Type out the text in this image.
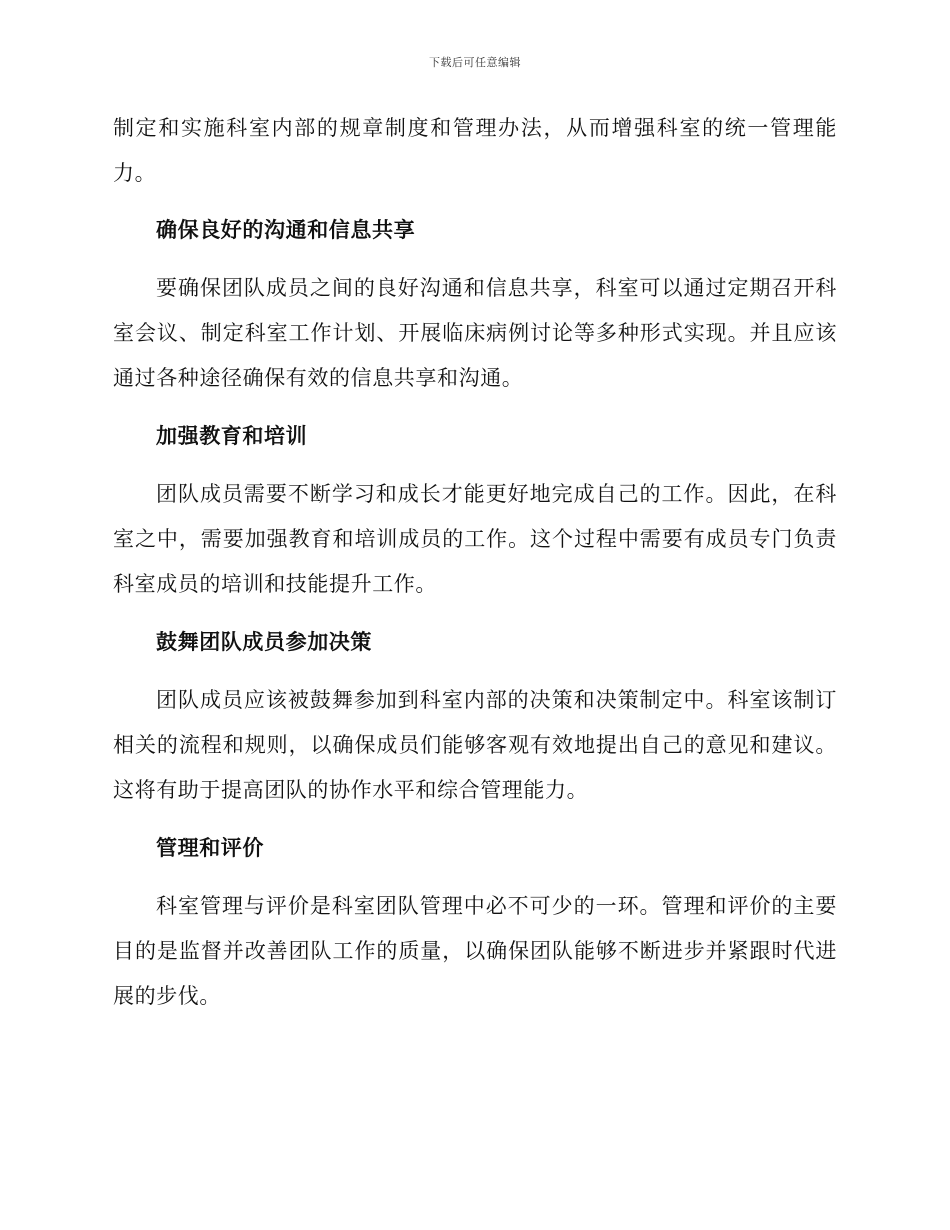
下载后可任意编辑

制定和实施科室内部的规章制度和管理办法，从而增强科室的统一管理能力。

确保良好的沟通和信息共享

要确保团队成员之间的良好沟通和信息共享，科室可以通过定期召开科室会议、制定科室工作计划、开展临床病例讨论等多种形式实现。并且应该通过各种途径确保有效的信息共享和沟通。

加强教育和培训

团队成员需要不断学习和成长才能更好地完成自己的工作。因此，在科室之中，需要加强教育和培训成员的工作。这个过程中需要有成员专门负责科室成员的培训和技能提升工作。

鼓舞团队成员参加决策

团队成员应该被鼓舞参加到科室内部的决策和决策制定中。科室该制订相关的流程和规则，以确保成员们能够客观有效地提出自己的意见和建议。这将有助于提高团队的协作水平和综合管理能力。

管理和评价

科室管理与评价是科室团队管理中必不可少的一环。管理和评价的主要目的是监督并改善团队工作的质量，以确保团队能够不断进步并紧跟时代进展的步伐。
